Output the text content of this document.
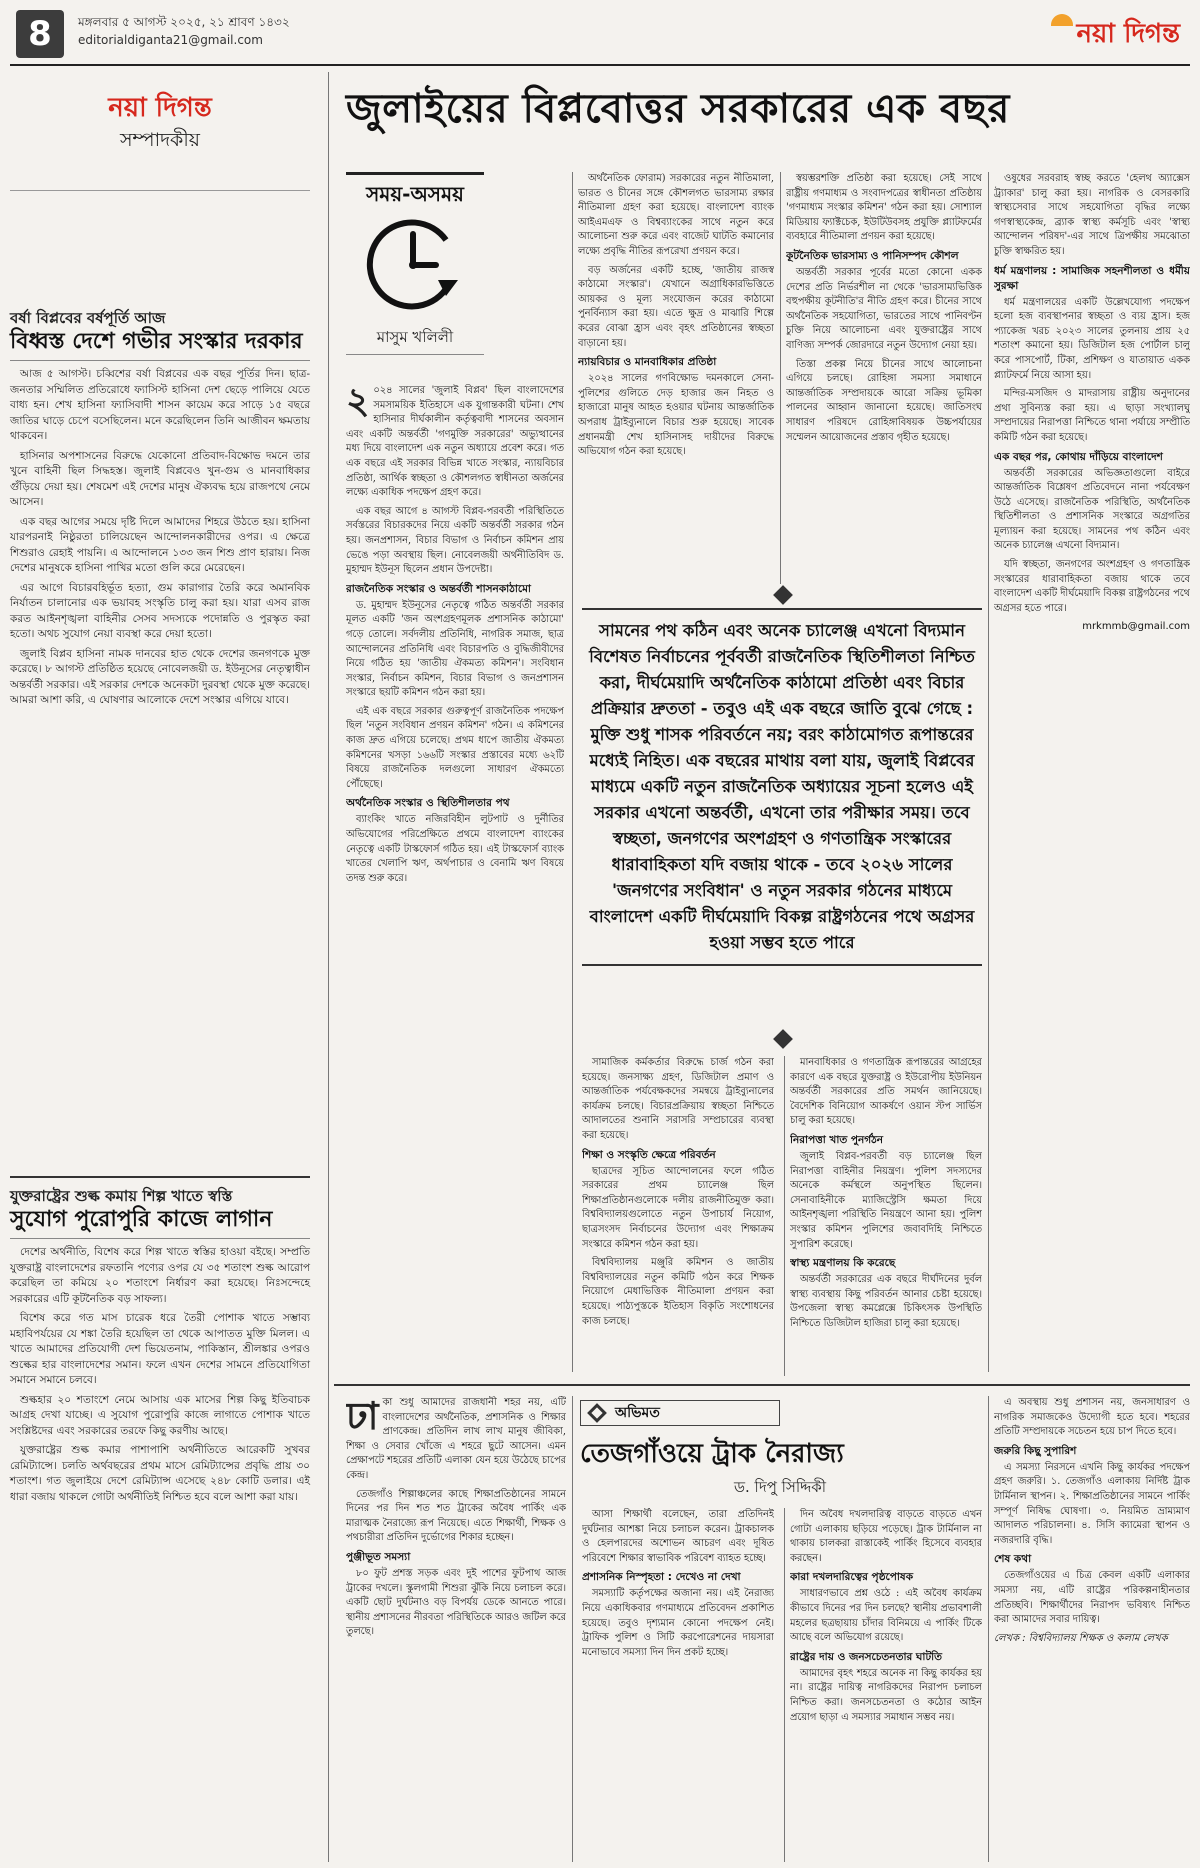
8	মঙ্গলবার ৫ আগস্ট ২০২৫, ২১ শ্রাবণ ১৪৩২
editorialdiganta21@gmail.com	নয়া দিগন্ত
নয়া দিগন্ত
সম্পাদকীয়
বর্ষা বিপ্লবের বর্ষপূর্তি আজ
বিধ্বস্ত দেশে গভীর সংস্কার দরকার

আজ ৫ আগস্ট। চব্বিশের বর্ষা বিপ্লবের এক বছর পূর্তির দিন। ছাত্র-জনতার সম্মিলিত প্রতিরোধে ফ্যাসিস্ট হাসিনা দেশ ছেড়ে পালিয়ে যেতে বাধ্য হন। শেখ হাসিনা ফ্যাসিবাদী শাসন কায়েম করে সাড়ে ১৫ বছরে জাতির ঘাড়ে চেপে বসেছিলেন। মনে করেছিলেন তিনি আজীবন ক্ষমতায় থাকবেন।

হাসিনার অপশাসনের বিরুদ্ধে যেকোনো প্রতিবাদ-বিক্ষোভ দমনে তার খুনে বাহিনী ছিল সিদ্ধহস্ত। জুলাই বিপ্লবেও খুন-গুম ও মানবাধিকার গুঁড়িয়ে দেয়া হয়। শেষমেশ এই দেশের মানুষ ঐক্যবদ্ধ হয়ে রাজপথে নেমে আসেন।

এক বছর আগের সময়ে দৃষ্টি দিলে আমাদের শিহরে উঠতে হয়। হাসিনা যারপরনাই নিষ্ঠুরতা চালিয়েছেন আন্দোলনকারীদের ওপর। এ ক্ষেত্রে শিশুরাও রেহাই পায়নি। এ আন্দোলনে ১৩৩ জন শিশু প্রাণ হারায়। নিজ দেশের মানুষকে হাসিনা পাখির মতো গুলি করে মেরেছেন।

এর আগে বিচারবহির্ভূত হত্যা, গুম কারাগার তৈরি করে অমানবিক নির্যাতন চালানোর এক ভয়াবহ সংস্কৃতি চালু করা হয়। যারা এসব রাজ করত আইনশৃঙ্খলা বাহিনীর সেসব সদস্যকে পদোন্নতি ও পুরস্কৃত করা হতো। অথচ সুযোগ নেয়া ব্যবস্থা করে দেয়া হতো।

জুলাই বিপ্লব হাসিনা নামক দানবের হাত থেকে দেশের জনগণকে মুক্ত করেছে। ৮ আগস্ট প্রতিষ্ঠিত হয়েছে নোবেলজয়ী ড. ইউনূসের নেতৃত্বাধীন অন্তর্বর্তী সরকার। এই সরকার দেশকে অনেকটা দুরবস্থা থেকে মুক্ত করেছে। আমরা আশা করি, এ ঘোষণার আলোকে দেশে সংস্কার এগিয়ে যাবে।

যুক্তরাষ্ট্রের শুল্ক কমায় শিল্প খাতে স্বস্তি
সুযোগ পুরোপুরি কাজে লাগান

দেশের অর্থনীতি, বিশেষ করে শিল্প খাতে স্বস্তির হাওয়া বইছে। সম্প্রতি যুক্তরাষ্ট্র বাংলাদেশের রফতানি পণ্যের ওপর যে ৩৫ শতাংশ শুল্ক আরোপ করেছিল তা কমিয়ে ২০ শতাংশে নির্ধারণ করা হয়েছে। নিঃসন্দেহে সরকারের এটি কূটনৈতিক বড় সাফল্য।

বিশেষ করে গত মাস চারেক ধরে তৈরী পোশাক খাতে সম্ভাব্য মহাবিপর্যয়ের যে শঙ্কা তৈরি হয়েছিল তা থেকে আপাতত মুক্তি মিলল। এ খাতে আমাদের প্রতিযোগী দেশ ভিয়েতনাম, পাকিস্তান, শ্রীলঙ্কার ওপরও শুল্কের হার বাংলাদেশের সমান। ফলে এখন দেশের সামনে প্রতিযোগিতা সমানে সমানে চলবে।

শুল্কহার ২০ শতাংশে নেমে আসায় এক মাসের শিল্প কিছু ইতিবাচক আগ্রহ দেখা যাচ্ছে। এ সুযোগ পুরোপুরি কাজে লাগাতে পোশাক খাতে সংশ্লিষ্টদের এবং সরকারের তরফে কিছু করণীয় আছে।

যুক্তরাষ্ট্রের শুল্ক কমার পাশাপাশি অর্থনীতিতে আরেকটি সুখবর রেমিট্যান্সে। চলতি অর্থবছরের প্রথম মাসে রেমিট্যান্সের প্রবৃদ্ধি প্রায় ৩০ শতাংশ। গত জুলাইয়ে দেশে রেমিট্যান্স এসেছে ২৪৮ কোটি ডলার। এই ধারা বজায় থাকলে গোটা অর্থনীতিই নিশ্চিত হবে বলে আশা করা যায়।

জুলাইয়ের বিপ্লবোত্তর সরকারের এক বছর
সময়-অসময়
মাসুম খলিলী

২ ০২৪ সালের 'জুলাই বিপ্লব' ছিল বাংলাদেশের সমসাময়িক ইতিহাসে এক যুগান্তকারী ঘটনা। শেখ হাসিনার দীর্ঘকালীন কর্তৃত্ববাদী শাসনের অবসান এবং একটি অন্তর্বর্তী 'গণমুক্তি সরকারের' অভ্যুত্থানের মধ্য দিয়ে বাংলাদেশ এক নতুন অধ্যায়ে প্রবেশ করে। গত এক বছরে এই সরকার বিভিন্ন খাতে সংস্কার, ন্যায়বিচার প্রতিষ্ঠা, আর্থিক স্বচ্ছতা ও কৌশলগত স্বাধীনতা অর্জনের লক্ষ্যে একাধিক পদক্ষেপ গ্রহণ করে।

এক বছর আগে ৪ আগস্ট বিপ্লব-পরবর্তী পরিস্থিতিতে সর্বস্তরের বিচারকদের নিয়ে একটি অন্তর্বর্তী সরকার গঠন হয়। জনপ্রশাসন, বিচার বিভাগ ও নির্বাচন কমিশন প্রায় ভেঙে পড়া অবস্থায় ছিল। নোবেলজয়ী অর্থনীতিবিদ ড. মুহাম্মদ ইউনূস ছিলেন প্রধান উপদেষ্টা।

রাজনৈতিক সংস্কার ও অন্তর্বর্তী শাসনকাঠামো

ড. মুহাম্মদ ইউনূসের নেতৃত্বে গঠিত অন্তর্বর্তী সরকার মূলত একটি 'জন অংশগ্রহণমূলক প্রশাসনিক কাঠামো' গড়ে তোলে। সর্বদলীয় প্রতিনিধি, নাগরিক সমাজ, ছাত্র আন্দোলনের প্রতিনিধি এবং বিচারপতি ও বুদ্ধিজীবীদের নিয়ে গঠিত হয় 'জাতীয় ঐকমত্য কমিশন'। সংবিধান সংস্কার, নির্বাচন কমিশন, বিচার বিভাগ ও জনপ্রশাসন সংস্কারে ছয়টি কমিশন গঠন করা হয়।

এই এক বছরে সরকার গুরুত্বপূর্ণ রাজনৈতিক পদক্ষেপ ছিল 'নতুন সংবিধান প্রণয়ন কমিশন' গঠন। এ কমিশনের কাজ দ্রুত এগিয়ে চলেছে। প্রথম ধাপে জাতীয় ঐকমত্য কমিশনের খসড়া ১৬৬টি সংস্কার প্রস্তাবের মধ্যে ৬২টি বিষয়ে রাজনৈতিক দলগুলো সাধারণ ঐকমত্যে পৌঁছেছে।

অর্থনৈতিক সংস্কার ও স্থিতিশীলতার পথ

ব্যাংকিং খাতে নজিরবিহীন লুটপাট ও দুর্নীতির অভিযোগের পরিপ্রেক্ষিতে প্রথমে বাংলাদেশ ব্যাংকের নেতৃত্বে একটি টাস্কফোর্স গঠিত হয়। এই টাস্কফোর্স ব্যাংক খাতের খেলাপি ঋণ, অর্থপাচার ও বেনামি ঋণ বিষয়ে তদন্ত শুরু করে।

অর্থনৈতিক ফোরাম) সরকারের নতুন নীতিমালা, ভারত ও চীনের সঙ্গে কৌশলগত ভারসাম্য রক্ষার নীতিমালা গ্রহণ করা হয়েছে। বাংলাদেশ ব্যাংক আইএমএফ ও বিশ্বব্যাংকের সাথে নতুন করে আলোচনা শুরু করে এবং বাজেট ঘাটতি কমানোর লক্ষ্যে প্রবৃদ্ধি নীতির রূপরেখা প্রণয়ন করে।

বড় অর্জনের একটি হচ্ছে, 'জাতীয় রাজস্ব কাঠামো সংস্কার'। যেখানে অগ্রাধিকারভিত্তিতে আয়কর ও মূল্য সংযোজন করের কাঠামো পুনর্বিন্যাস করা হয়। এতে ক্ষুদ্র ও মাঝারি শিল্পে করের বোঝা হ্রাস এবং বৃহৎ প্রতিষ্ঠানের স্বচ্ছতা বাড়ানো হয়।

ন্যায়বিচার ও মানবাধিকার প্রতিষ্ঠা

২০২৪ সালের গণবিক্ষোভ দমনকালে সেনা-পুলিশের গুলিতে দেড় হাজার জন নিহত ও হাজারো মানুষ আহত হওয়ার ঘটনায় আন্তর্জাতিক অপরাধ ট্রাইব্যুনালে বিচার শুরু হয়েছে। সাবেক প্রধানমন্ত্রী শেখ হাসিনাসহ দায়ীদের বিরুদ্ধে অভিযোগ গঠন করা হয়েছে।

স্বয়ম্ভরশক্তি প্রতিষ্ঠা করা হয়েছে। সেই সাথে রাষ্ট্রীয় গণমাধ্যম ও সংবাদপত্রের স্বাধীনতা প্রতিষ্ঠায় 'গণমাধ্যম সংস্কার কমিশন' গঠন করা হয়। সোশ্যাল মিডিয়ায় ফ্যাক্টচেক, ইউটিউবসহ প্রযুক্তি প্ল্যাটফর্মের ব্যবহারে নীতিমালা প্রণয়ন করা হয়েছে।

কূটনৈতিক ভারসাম্য ও পানিসম্পদ কৌশল

অন্তর্বর্তী সরকার পূর্বের মতো কোনো একক দেশের প্রতি নির্ভরশীল না থেকে 'ভারসাম্যভিত্তিক বহুপক্ষীয় কূটনীতি'র নীতি গ্রহণ করে। চীনের সাথে অর্থনৈতিক সহযোগিতা, ভারতের সাথে পানিবণ্টন চুক্তি নিয়ে আলোচনা এবং যুক্তরাষ্ট্রের সাথে বাণিজ্য সম্পর্ক জোরদারে নতুন উদ্যোগ নেয়া হয়।

তিস্তা প্রকল্প নিয়ে চীনের সাথে আলোচনা এগিয়ে চলছে। রোহিঙ্গা সমস্যা সমাধানে আন্তর্জাতিক সম্প্রদায়কে আরো সক্রিয় ভূমিকা পালনের আহ্বান জানানো হয়েছে। জাতিসংঘ সাধারণ পরিষদে রোহিঙ্গাবিষয়ক উচ্চপর্যায়ের সম্মেলন আয়োজনের প্রস্তাব গৃহীত হয়েছে।

ওষুধের সরবরাহ স্বচ্ছ করতে 'হেলথ অ্যাক্সেস ট্র্যাকার' চালু করা হয়। নাগরিক ও বেসরকারি স্বাস্থ্যসেবার সাথে সহযোগিতা বৃদ্ধির লক্ষ্যে গণস্বাস্থ্যকেন্দ্র, ব্র্যাক স্বাস্থ্য কর্মসূচি এবং 'স্বাস্থ্য আন্দোলন পরিষদ'-এর সাথে ত্রিপক্ষীয় সমঝোতা চুক্তি স্বাক্ষরিত হয়।

ধর্ম মন্ত্রণালয় : সামাজিক সহনশীলতা ও ধর্মীয় সুরক্ষা

ধর্ম মন্ত্রণালয়ের একটি উল্লেখযোগ্য পদক্ষেপ হলো হজ ব্যবস্থাপনার স্বচ্ছতা ও ব্যয় হ্রাস। হজ প্যাকেজ খরচ ২০২৩ সালের তুলনায় প্রায় ২৫ শতাংশ কমানো হয়। ডিজিটাল হজ পোর্টাল চালু করে পাসপোর্ট, টিকা, প্রশিক্ষণ ও যাতায়াত একক প্ল্যাটফর্মে নিয়ে আসা হয়।

মন্দির-মসজিদ ও মাদরাসায় রাষ্ট্রীয় অনুদানের প্রথা সুবিন্যস্ত করা হয়। এ ছাড়া সংখ্যালঘু সম্প্রদায়ের নিরাপত্তা নিশ্চিতে থানা পর্যায়ে সম্প্রীতি কমিটি গঠন করা হয়েছে।

এক বছর পর, কোথায় দাঁড়িয়ে বাংলাদেশ

অন্তর্বর্তী সরকারের অভিজ্ঞতাগুলো বাইরে আন্তর্জাতিক বিশ্লেষণ প্রতিবেদনে নানা পর্যবেক্ষণ উঠে এসেছে। রাজনৈতিক পরিস্থিতি, অর্থনৈতিক স্থিতিশীলতা ও প্রশাসনিক সংস্কারে অগ্রগতির মূল্যায়ন করা হয়েছে। সামনের পথ কঠিন এবং অনেক চ্যালেঞ্জ এখনো বিদ্যমান।

যদি স্বচ্ছতা, জনগণের অংশগ্রহণ ও গণতান্ত্রিক সংস্কারের ধারাবাহিকতা বজায় থাকে তবে বাংলাদেশ একটি দীর্ঘমেয়াদি বিকল্প রাষ্ট্রগঠনের পথে অগ্রসর হতে পারে।

mrkmmb@gmail.com
সামনের পথ কঠিন এবং অনেক চ্যালেঞ্জ এখনো বিদ্যমান বিশেষত নির্বাচনের পূর্ববর্তী রাজনৈতিক স্থিতিশীলতা নিশ্চিত করা, দীর্ঘমেয়াদি অর্থনৈতিক কাঠামো প্রতিষ্ঠা এবং বিচার প্রক্রিয়ার দ্রুততা - তবুও এই এক বছরে জাতি বুঝে গেছে : মুক্তি শুধু শাসক পরিবর্তনে নয়; বরং কাঠামোগত রূপান্তরের মধ্যেই নিহিত। এক বছরের মাথায় বলা যায়, জুলাই বিপ্লবের মাধ্যমে একটি নতুন রাজনৈতিক অধ্যায়ের সূচনা হলেও এই সরকার এখনো অন্তর্বর্তী, এখনো তার পরীক্ষার সময়। তবে স্বচ্ছতা, জনগণের অংশগ্রহণ ও গণতান্ত্রিক সংস্কারের ধারাবাহিকতা যদি বজায় থাকে - তবে ২০২৬ সালের 'জনগণের সংবিধান' ও নতুন সরকার গঠনের মাধ্যমে বাংলাদেশ একটি দীর্ঘমেয়াদি বিকল্প রাষ্ট্রগঠনের পথে অগ্রসর হওয়া সম্ভব হতে পারে

সামাজিক কর্মকর্তার বিরুদ্ধে চার্জ গঠন করা হয়েছে। জনসাক্ষ্য গ্রহণ, ডিজিটাল প্রমাণ ও আন্তর্জাতিক পর্যবেক্ষকদের সমন্বয়ে ট্রাইব্যুনালের কার্যক্রম চলছে। বিচারপ্রক্রিয়ায় স্বচ্ছতা নিশ্চিতে আদালতের শুনানি সরাসরি সম্প্রচারের ব্যবস্থা করা হয়েছে।

শিক্ষা ও সংস্কৃতি ক্ষেত্রে পরিবর্তন

ছাত্রদের সূচিত আন্দোলনের ফলে গঠিত সরকারের প্রথম চ্যালেঞ্জ ছিল শিক্ষাপ্রতিষ্ঠানগুলোকে দলীয় রাজনীতিমুক্ত করা। বিশ্ববিদ্যালয়গুলোতে নতুন উপাচার্য নিয়োগ, ছাত্রসংসদ নির্বাচনের উদ্যোগ এবং শিক্ষাক্রম সংস্কারে কমিশন গঠন করা হয়।

বিশ্ববিদ্যালয় মঞ্জুরি কমিশন ও জাতীয় বিশ্ববিদ্যালয়ের নতুন কমিটি গঠন করে শিক্ষক নিয়োগে মেধাভিত্তিক নীতিমালা প্রণয়ন করা হয়েছে। পাঠ্যপুস্তকে ইতিহাস বিকৃতি সংশোধনের কাজ চলছে।

মানবাধিকার ও গণতান্ত্রিক রূপান্তরের আগ্রহের কারণে এক বছরে যুক্তরাষ্ট্র ও ইউরোপীয় ইউনিয়ন অন্তর্বর্তী সরকারের প্রতি সমর্থন জানিয়েছে। বৈদেশিক বিনিয়োগ আকর্ষণে ওয়ান স্টপ সার্ভিস চালু করা হয়েছে।

নিরাপত্তা খাত পুনর্গঠন

জুলাই বিপ্লব-পরবর্তী বড় চ্যালেঞ্জ ছিল নিরাপত্তা বাহিনীর নিয়ন্ত্রণ। পুলিশ সদস্যদের অনেকে কর্মস্থলে অনুপস্থিত ছিলেন। সেনাবাহিনীকে ম্যাজিস্ট্রেসি ক্ষমতা দিয়ে আইনশৃঙ্খলা পরিস্থিতি নিয়ন্ত্রণে আনা হয়। পুলিশ সংস্কার কমিশন পুলিশের জবাবদিহি নিশ্চিতে সুপারিশ করেছে।

স্বাস্থ্য মন্ত্রণালয় কি করেছে

অন্তর্বর্তী সরকারের এক বছরে দীর্ঘদিনের দুর্বল স্বাস্থ্য ব্যবস্থায় কিছু পরিবর্তন আনার চেষ্টা হয়েছে। উপজেলা স্বাস্থ্য কমপ্লেক্সে চিকিৎসক উপস্থিতি নিশ্চিতে ডিজিটাল হাজিরা চালু করা হয়েছে।

অভিমত
তেজগাঁওয়ে ট্রাক নৈরাজ্য
ড. দিপু সিদ্দিকী

ঢাকা শুধু আমাদের রাজধানী শহর নয়, এটি বাংলাদেশের অর্থনৈতিক, প্রশাসনিক ও শিক্ষার প্রাণকেন্দ্র। প্রতিদিন লাখ লাখ মানুষ জীবিকা, শিক্ষা ও সেবার খোঁজে এ শহরে ছুটে আসেন। এমন প্রেক্ষাপটে শহরের প্রতিটি এলাকা যেন হয়ে উঠেছে চাপের কেন্দ্র।

তেজগাঁও শিল্পাঞ্চলের কাছে শিক্ষাপ্রতিষ্ঠানের সামনে দিনের পর দিন শত শত ট্রাকের অবৈধ পার্কিং এক মারাত্মক নৈরাজ্যে রূপ নিয়েছে। এতে শিক্ষার্থী, শিক্ষক ও পথচারীরা প্রতিদিন দুর্ভোগের শিকার হচ্ছেন।

পুঞ্জীভূত সমস্যা

৮০ ফুট প্রশস্ত সড়ক এবং দুই পাশের ফুটপাথ আজ ট্রাকের দখলে। স্কুলগামী শিশুরা ঝুঁকি নিয়ে চলাচল করে। একটি ছোট দুর্ঘটনাও বড় বিপর্যয় ডেকে আনতে পারে। স্থানীয় প্রশাসনের নীরবতা পরিস্থিতিকে আরও জটিল করে তুলছে।

আসা শিক্ষার্থী বলেছেন, তারা প্রতিদিনই দুর্ঘটনার আশঙ্কা নিয়ে চলাচল করেন। ট্রাকচালক ও হেলপারদের অশোভন আচরণ এবং দূষিত পরিবেশে শিক্ষার স্বাভাবিক পরিবেশ ব্যাহত হচ্ছে।

প্রশাসনিক নিস্পৃহতা : দেখেও না দেখা

সমস্যাটি কর্তৃপক্ষের অজানা নয়। এই নৈরাজ্য নিয়ে একাধিকবার গণমাধ্যমে প্রতিবেদন প্রকাশিত হয়েছে। তবুও দৃশ্যমান কোনো পদক্ষেপ নেই। ট্রাফিক পুলিশ ও সিটি করপোরেশনের দায়সারা মনোভাবে সমস্যা দিন দিন প্রকট হচ্ছে।

দিন অবৈধ দখলদারিত্ব বাড়তে বাড়তে এখন গোটা এলাকায় ছড়িয়ে পড়েছে। ট্রাক টার্মিনাল না থাকায় চালকরা রাস্তাকেই পার্কিং হিসেবে ব্যবহার করছেন।

কারা দখলদারিত্বের পৃষ্ঠপোষক

সাধারণভাবে প্রশ্ন ওঠে : এই অবৈধ কার্যক্রম কীভাবে দিনের পর দিন চলছে? স্থানীয় প্রভাবশালী মহলের ছত্রছায়ায় চাঁদার বিনিময়ে এ পার্কিং টিকে আছে বলে অভিযোগ রয়েছে।

রাষ্ট্রের দায় ও জনসচেতনতার ঘাটতি

আমাদের বৃহৎ শহরে অনেক না কিছু কার্যকর হয় না। রাষ্ট্রের দায়িত্ব নাগরিকদের নিরাপদ চলাচল নিশ্চিত করা। জনসচেতনতা ও কঠোর আইন প্রয়োগ ছাড়া এ সমস্যার সমাধান সম্ভব নয়।

এ অবস্থায় শুধু প্রশাসন নয়, জনসাধারণ ও নাগরিক সমাজকেও উদ্যোগী হতে হবে। শহরের প্রতিটি সম্প্রদায়কে সচেতন হয়ে চাপ দিতে হবে।

জরুরি কিছু সুপারিশ

এ সমস্যা নিরসনে এখনি কিছু কার্যকর পদক্ষেপ গ্রহণ জরুরি। ১. তেজগাঁও এলাকায় নির্দিষ্ট ট্রাক টার্মিনাল স্থাপন। ২. শিক্ষাপ্রতিষ্ঠানের সামনে পার্কিং সম্পূর্ণ নিষিদ্ধ ঘোষণা। ৩. নিয়মিত ভ্রাম্যমাণ আদালত পরিচালনা। ৪. সিসি ক্যামেরা স্থাপন ও নজরদারি বৃদ্ধি।

শেষ কথা

তেজগাঁওয়ের এ চিত্র কেবল একটি এলাকার সমস্যা নয়, এটি রাষ্ট্রের পরিকল্পনাহীনতার প্রতিচ্ছবি। শিক্ষার্থীদের নিরাপদ ভবিষ্যৎ নিশ্চিত করা আমাদের সবার দায়িত্ব।

লেখক : বিশ্ববিদ্যালয় শিক্ষক ও কলাম লেখক
